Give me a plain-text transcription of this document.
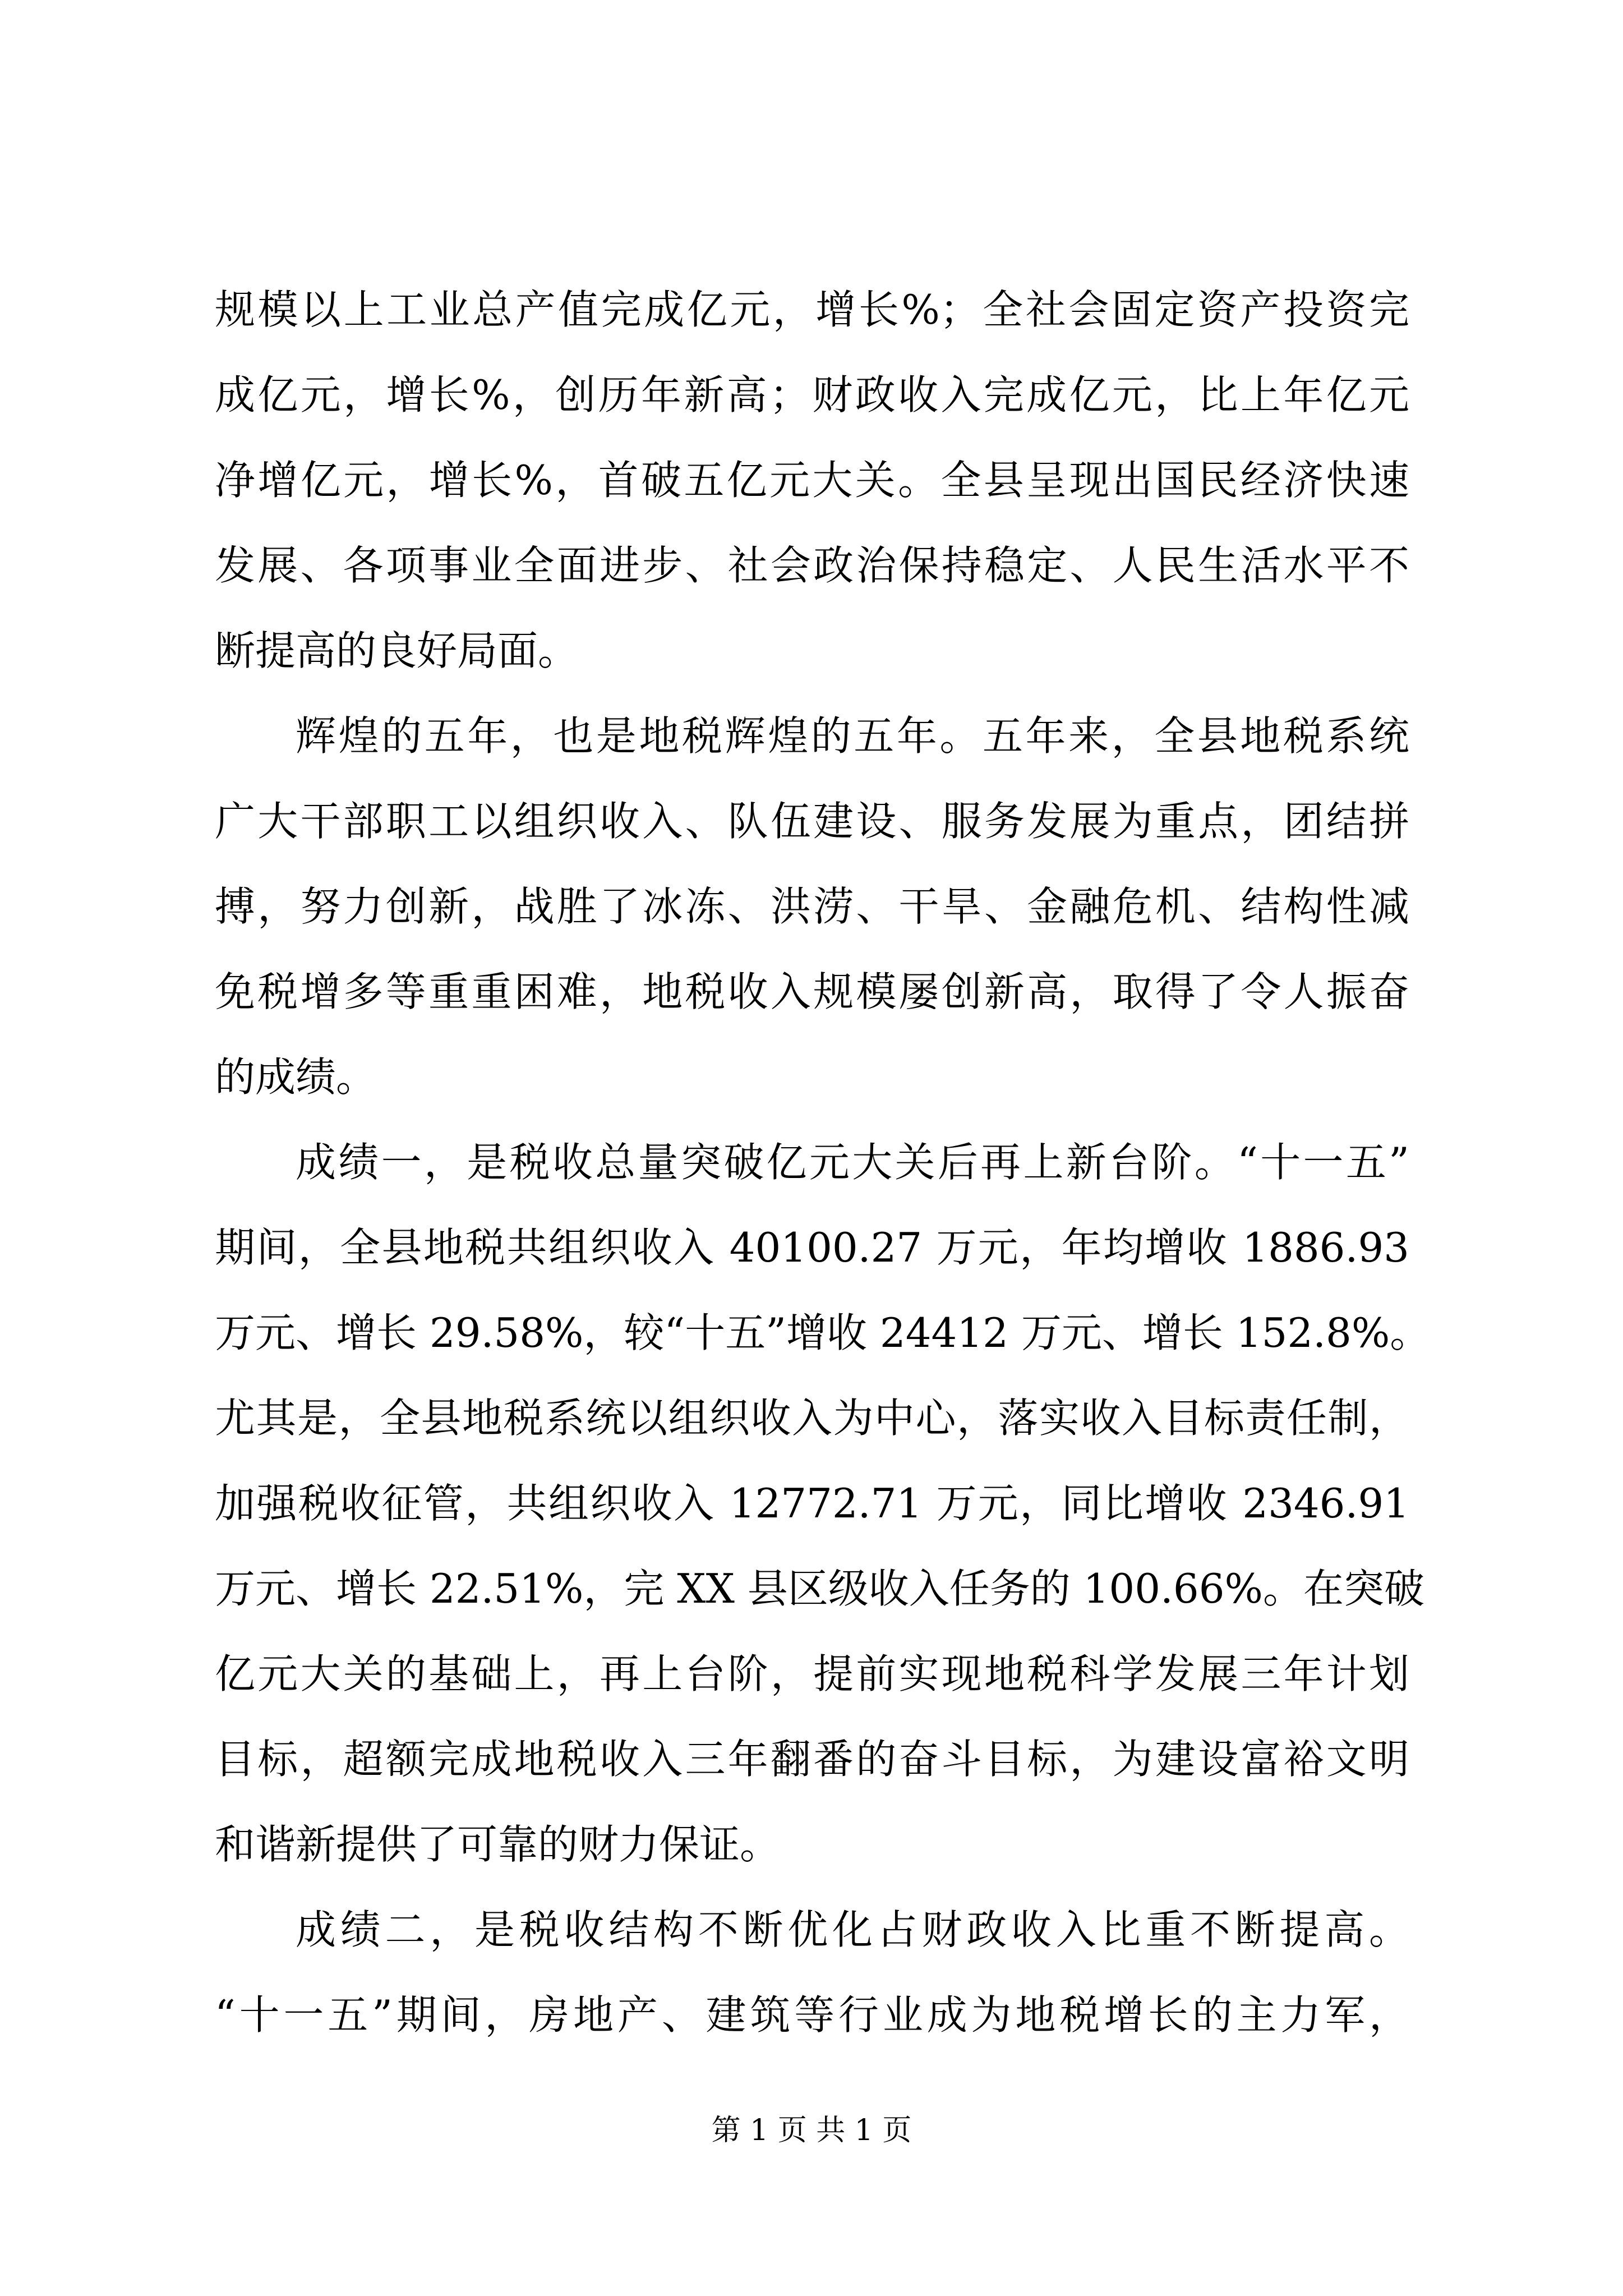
规模以上工业总产值完成亿元，增长%；全社会固定资产投资完
成亿元，增长%，创历年新高；财政收入完成亿元，比上年亿元
净增亿元，增长%，首破五亿元大关。全县呈现出国民经济快速
发展、各项事业全面进步、社会政治保持稳定、人民生活水平不
断提高的良好局面。
辉煌的五年，也是地税辉煌的五年。五年来，全县地税系统
广大干部职工以组织收入、队伍建设、服务发展为重点，团结拼
搏，努力创新，战胜了冰冻、洪涝、干旱、金融危机、结构性减
免税增多等重重困难，地税收入规模屡创新高，取得了令人振奋
的成绩。
成绩一，是税收总量突破亿元大关后再上新台阶。“十一五”
期间，全县地税共组织收入 40100.27 万元，年均增收 1886.93
万元、增长 29.58%，较“十五”增收 24412 万元、增长 152.8%。
尤其是，全县地税系统以组织收入为中心，落实收入目标责任制，
加强税收征管，共组织收入 12772.71 万元，同比增收 2346.91
万元、增长 22.51%，完 XX 县区级收入任务的 100.66%。在突破
亿元大关的基础上，再上台阶，提前实现地税科学发展三年计划
目标，超额完成地税收入三年翻番的奋斗目标，为建设富裕文明
和谐新提供了可靠的财力保证。
成绩二，是税收结构不断优化占财政收入比重不断提高。
“十一五”期间，房地产、建筑等行业成为地税增长的主力军，
第 1 页 共 1 页
